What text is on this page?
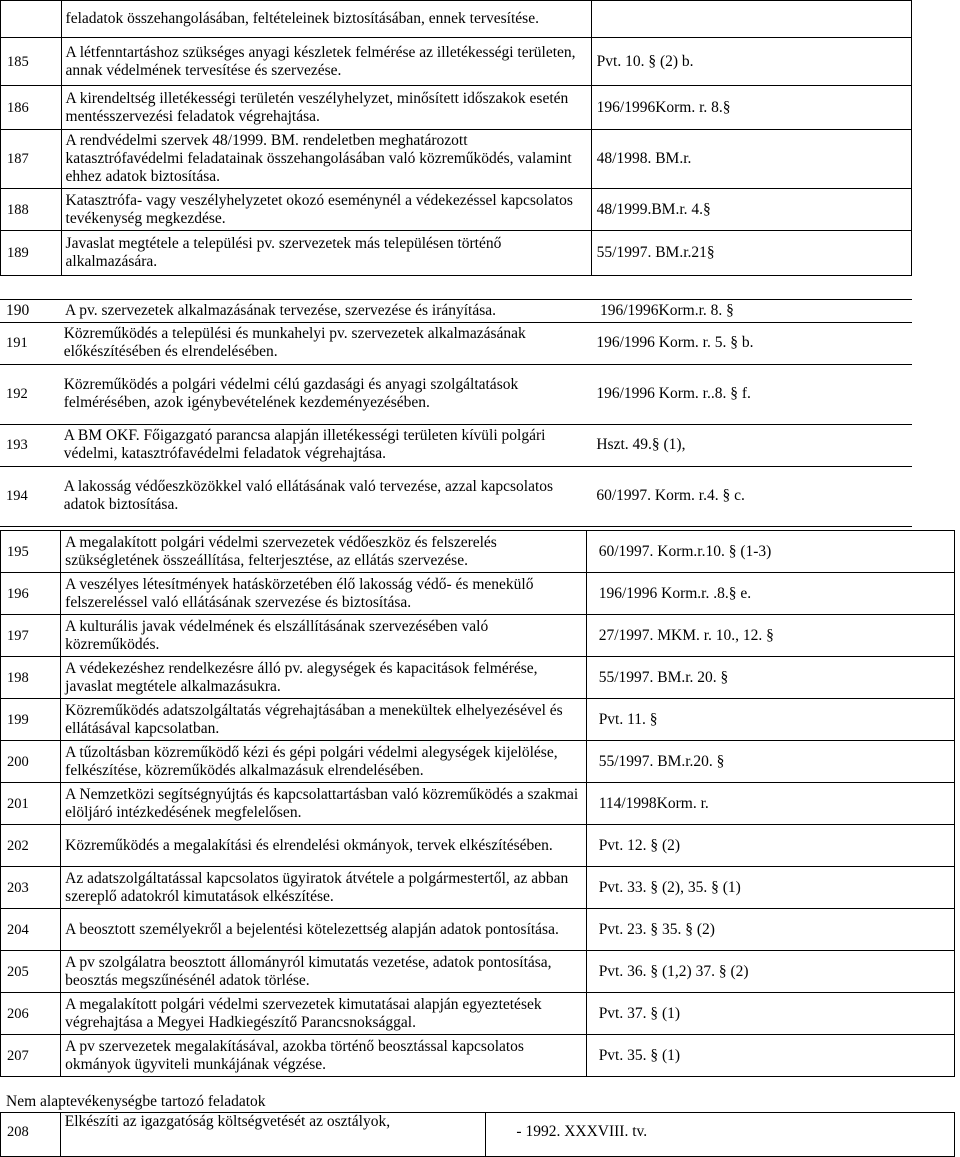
	feladatok összehangolásában, feltételeinek biztosításában, ennek tervesítése.	
185	A létfenntartáshoz szükséges anyagi készletek felmérése az illetékességi területen, annak védelmének tervesítése és szervezése.	Pvt. 10. § (2) b.
186	A kirendeltség illetékességi területén veszélyhelyzet, minősített időszakok esetén mentésszervezési feladatok végrehajtása.	196/1996Korm. r. 8.§
187	A rendvédelmi szervek 48/1999. BM. rendeletben meghatározott katasztrófavédelmi feladatainak összehangolásában való közreműködés, valamint ehhez adatok biztosítása.	48/1998. BM.r.
188	Katasztrófa- vagy veszélyhelyzetet okozó eseménynél a védekezéssel kapcsolatos tevékenység megkezdése.	48/1999.BM.r. 4.§
189	Javaslat megtétele a települési pv. szervezetek más településen történő alkalmazására.	55/1997. BM.r.21§
190 A pv. szervezetek alkalmazásának tervezése, szervezése és irányítása.	196/1996Korm.r. 8. §
191	Közreműködés a települési és munkahelyi pv. szervezetek alkalmazásának előkészítésében és elrendelésében.	196/1996 Korm. r. 5. § b.
192	Közreműködés a polgári védelmi célú gazdasági és anyagi szolgáltatások felmérésében, azok igénybevételének kezdeményezésében.	196/1996 Korm. r..8. § f.
193	A BM OKF. Főigazgató parancsa alapján illetékességi területen kívüli polgári védelmi, katasztrófavédelmi feladatok végrehajtása.	Hszt. 49.§ (1),
194	A lakosság védőeszközökkel való ellátásának való tervezése, azzal kapcsolatos adatok biztosítása.	60/1997. Korm. r.4. § c.
195	A megalakított polgári védelmi szervezetek védőeszköz és felszerelés szükségletének összeállítása, felterjesztése, az ellátás szervezése.	60/1997. Korm.r.10. § (1-3)
196	A veszélyes létesítmények hatáskörzetében élő lakosság védő- és menekülő felszereléssel való ellátásának szervezése és biztosítása.	196/1996 Korm.r. .8.§ e.
197	A kulturális javak védelmének és elszállításának szervezésében való közreműködés.	27/1997. MKM. r. 10., 12. §
198	A védekezéshez rendelkezésre álló pv. alegységek és kapacitások felmérése, javaslat megtétele alkalmazásukra.	55/1997. BM.r. 20. §
199	Közreműködés adatszolgáltatás végrehajtásában a menekültek elhelyezésével és ellátásával kapcsolatban.	Pvt. 11. §
200	A tűzoltásban közreműködő kézi és gépi polgári védelmi alegységek kijelölése, felkészítése, közreműködés alkalmazásuk elrendelésében.	55/1997. BM.r.20. §
201	A Nemzetközi segítségnyújtás és kapcsolattartásban való közreműködés a szakmai elöljáró intézkedésének megfelelősen.	114/1998Korm. r.
202	Közreműködés a megalakítási és elrendelési okmányok, tervek elkészítésében.	Pvt. 12. § (2)
203	Az adatszolgáltatással kapcsolatos ügyiratok átvétele a polgármestertől, az abban szereplő adatokról kimutatások elkészítése.	Pvt. 33. § (2), 35. § (1)
204	A beosztott személyekről a bejelentési kötelezettség alapján adatok pontosítása.	Pvt. 23. § 35. § (2)
205	A pv szolgálatra beosztott állományról kimutatás vezetése, adatok pontosítása, beosztás megszűnésénél adatok törlése.	Pvt. 36. § (1,2) 37. § (2)
206	A megalakított polgári védelmi szervezetek kimutatásai alapján egyeztetések végrehajtása a Megyei Hadkiegészítő Parancsnoksággal.	Pvt. 37. § (1)
207	A pv szervezetek megalakításával, azokba történő beosztással kapcsolatos okmányok ügyviteli munkájának végzése.	Pvt. 35. § (1)
Nem alaptevékenységbe tartozó feladatok
208	Elkészíti az igazgatóság költségvetését az osztályok,	- 1992. XXXVIII. tv.
